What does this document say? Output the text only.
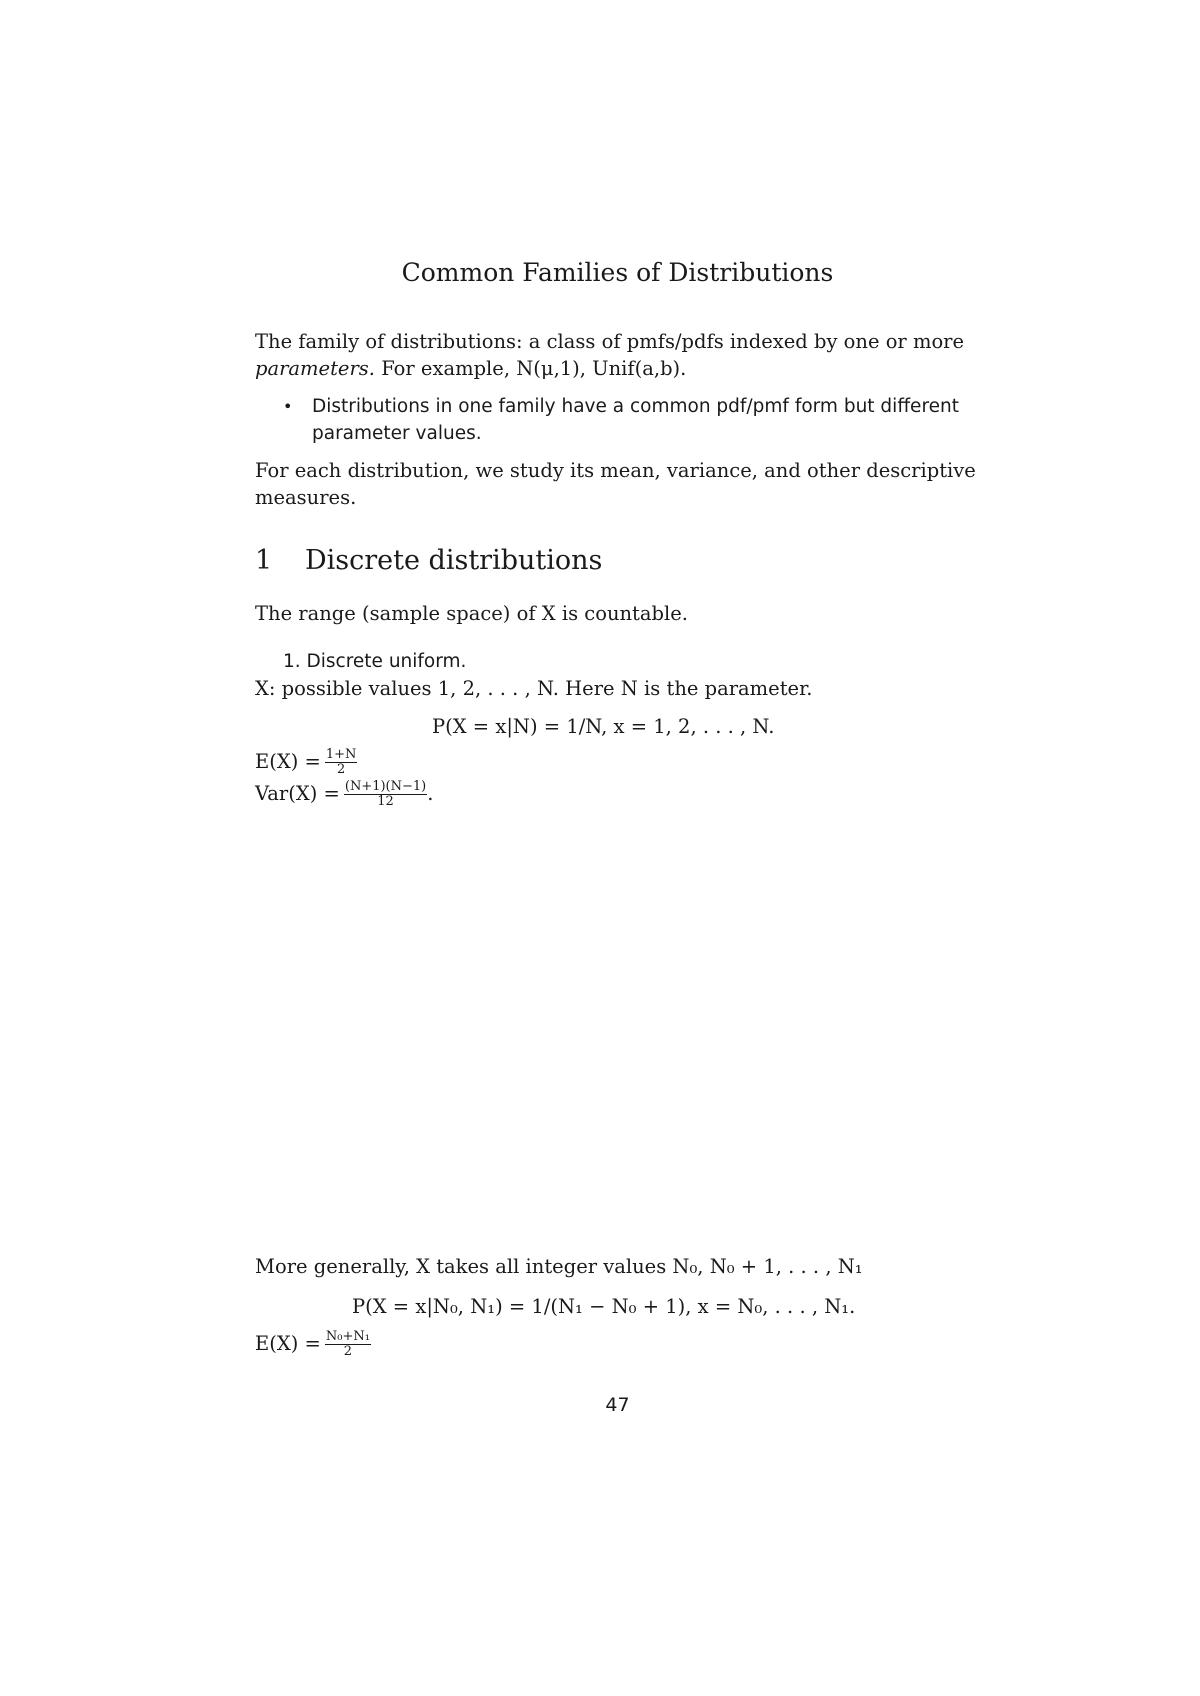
Common Families of Distributions
The family of distributions: a class of pmfs/pdfs indexed by one or more
parameters. For example, N(μ,1), Unif(a,b).
• Distributions in one family have a common pdf/pmf form but different
parameter values.
For each distribution, we study its mean, variance, and other descriptive
measures.
1 Discrete distributions
The range (sample space) of X is countable.
1. Discrete uniform.
X: possible values 1, 2, . . . , N. Here N is the parameter.
P(X = x|N) = 1/N, x = 1, 2, . . . , N.
$E(X) = \frac{1+N}{2}$
$Var(X) = \frac{(N+1)(N-1)}{12}$ .
More generally, X takes all integer values N₀, N₀ + 1, . . . , N₁
P(X = x|N₀, N₁) = 1/(N₁ − N₀ + 1), x = N₀, . . . , N₁.
$E(X) = \frac{\text{N₀+N₁}}{2}$
47
